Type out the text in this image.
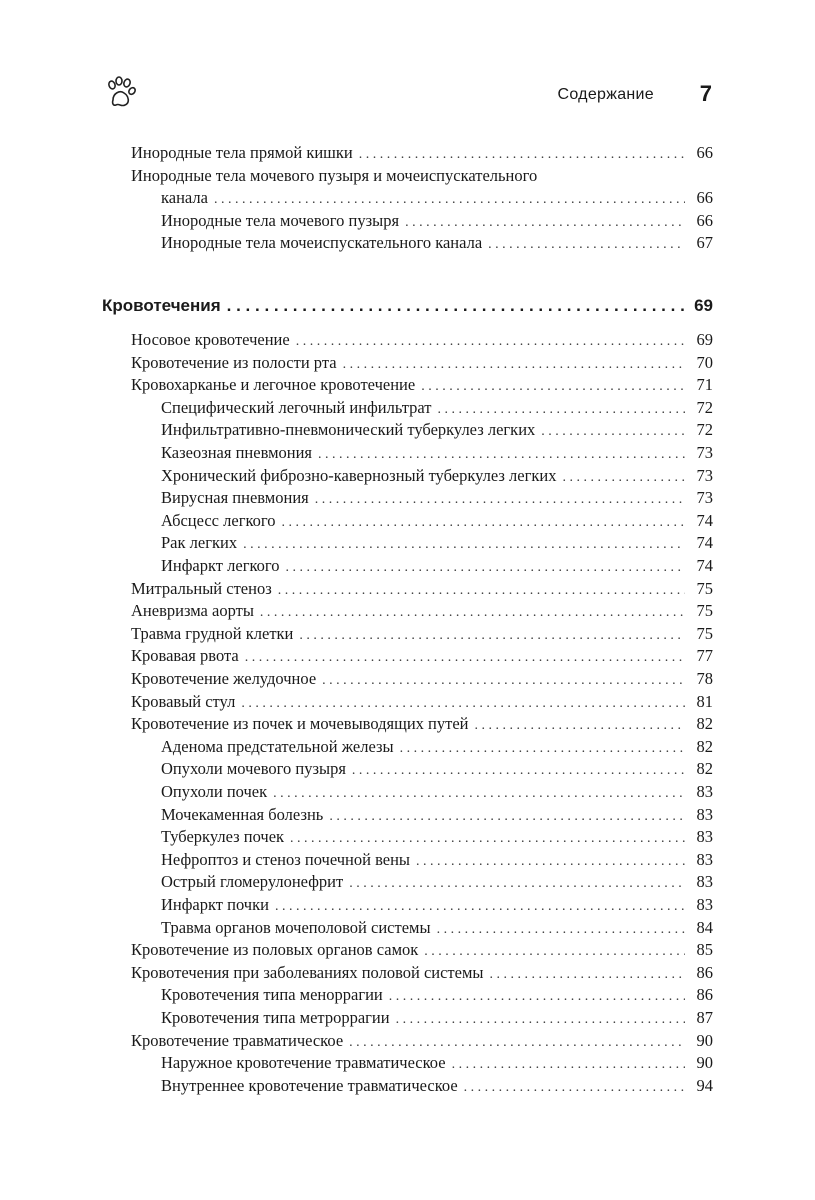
Содержание 7
Кровотечения . . .	69
Инородные тела прямой кишки . . .	66
Инородные тела мочевого пузыря и мочеиспускательного
канала . . .	66
Инородные тела мочевого пузыря . . .	66
Инородные тела мочеиспускательного канала . . .	67
Носовое кровотечение . . .	69
Кровотечение из полости рта . . .	70
Кровохарканье и легочное кровотечение . . .	71
Специфический легочный инфильтрат . . .	72
Инфильтративно-пневмонический туберкулез легких . . .	72
Казеозная пневмония . . .	73
Хронический фиброзно-кавернозный туберкулез легких . . .	73
Вирусная пневмония . . .	73
Абсцесс легкого . . .	74
Рак легких . . .	74
Инфаркт легкого . . .	74
Митральный стеноз . . .	75
Аневризма аорты . . .	75
Травма грудной клетки . . .	75
Кровавая рвота . . .	77
Кровотечение желудочное . . .	78
Кровавый стул . . .	81
Кровотечение из почек и мочевыводящих путей . . .	82
Аденома предстательной железы . . .	82
Опухоли мочевого пузыря . . .	82
Опухоли почек . . .	83
Мочекаменная болезнь . . .	83
Туберкулез почек . . .	83
Нефроптоз и стеноз почечной вены . . .	83
Острый гломерулонефрит . . .	83
Инфаркт почки . . .	83
Травма органов мочеполовой системы . . .	84
Кровотечение из половых органов самок . . .	85
Кровотечения при заболеваниях половой системы . . .	86
Кровотечения типа меноррагии . . .	86
Кровотечения типа метроррагии . . .	87
Кровотечение травматическое . . .	90
Наружное кровотечение травматическое . . .	90
Внутреннее кровотечение травматическое . . .	94
